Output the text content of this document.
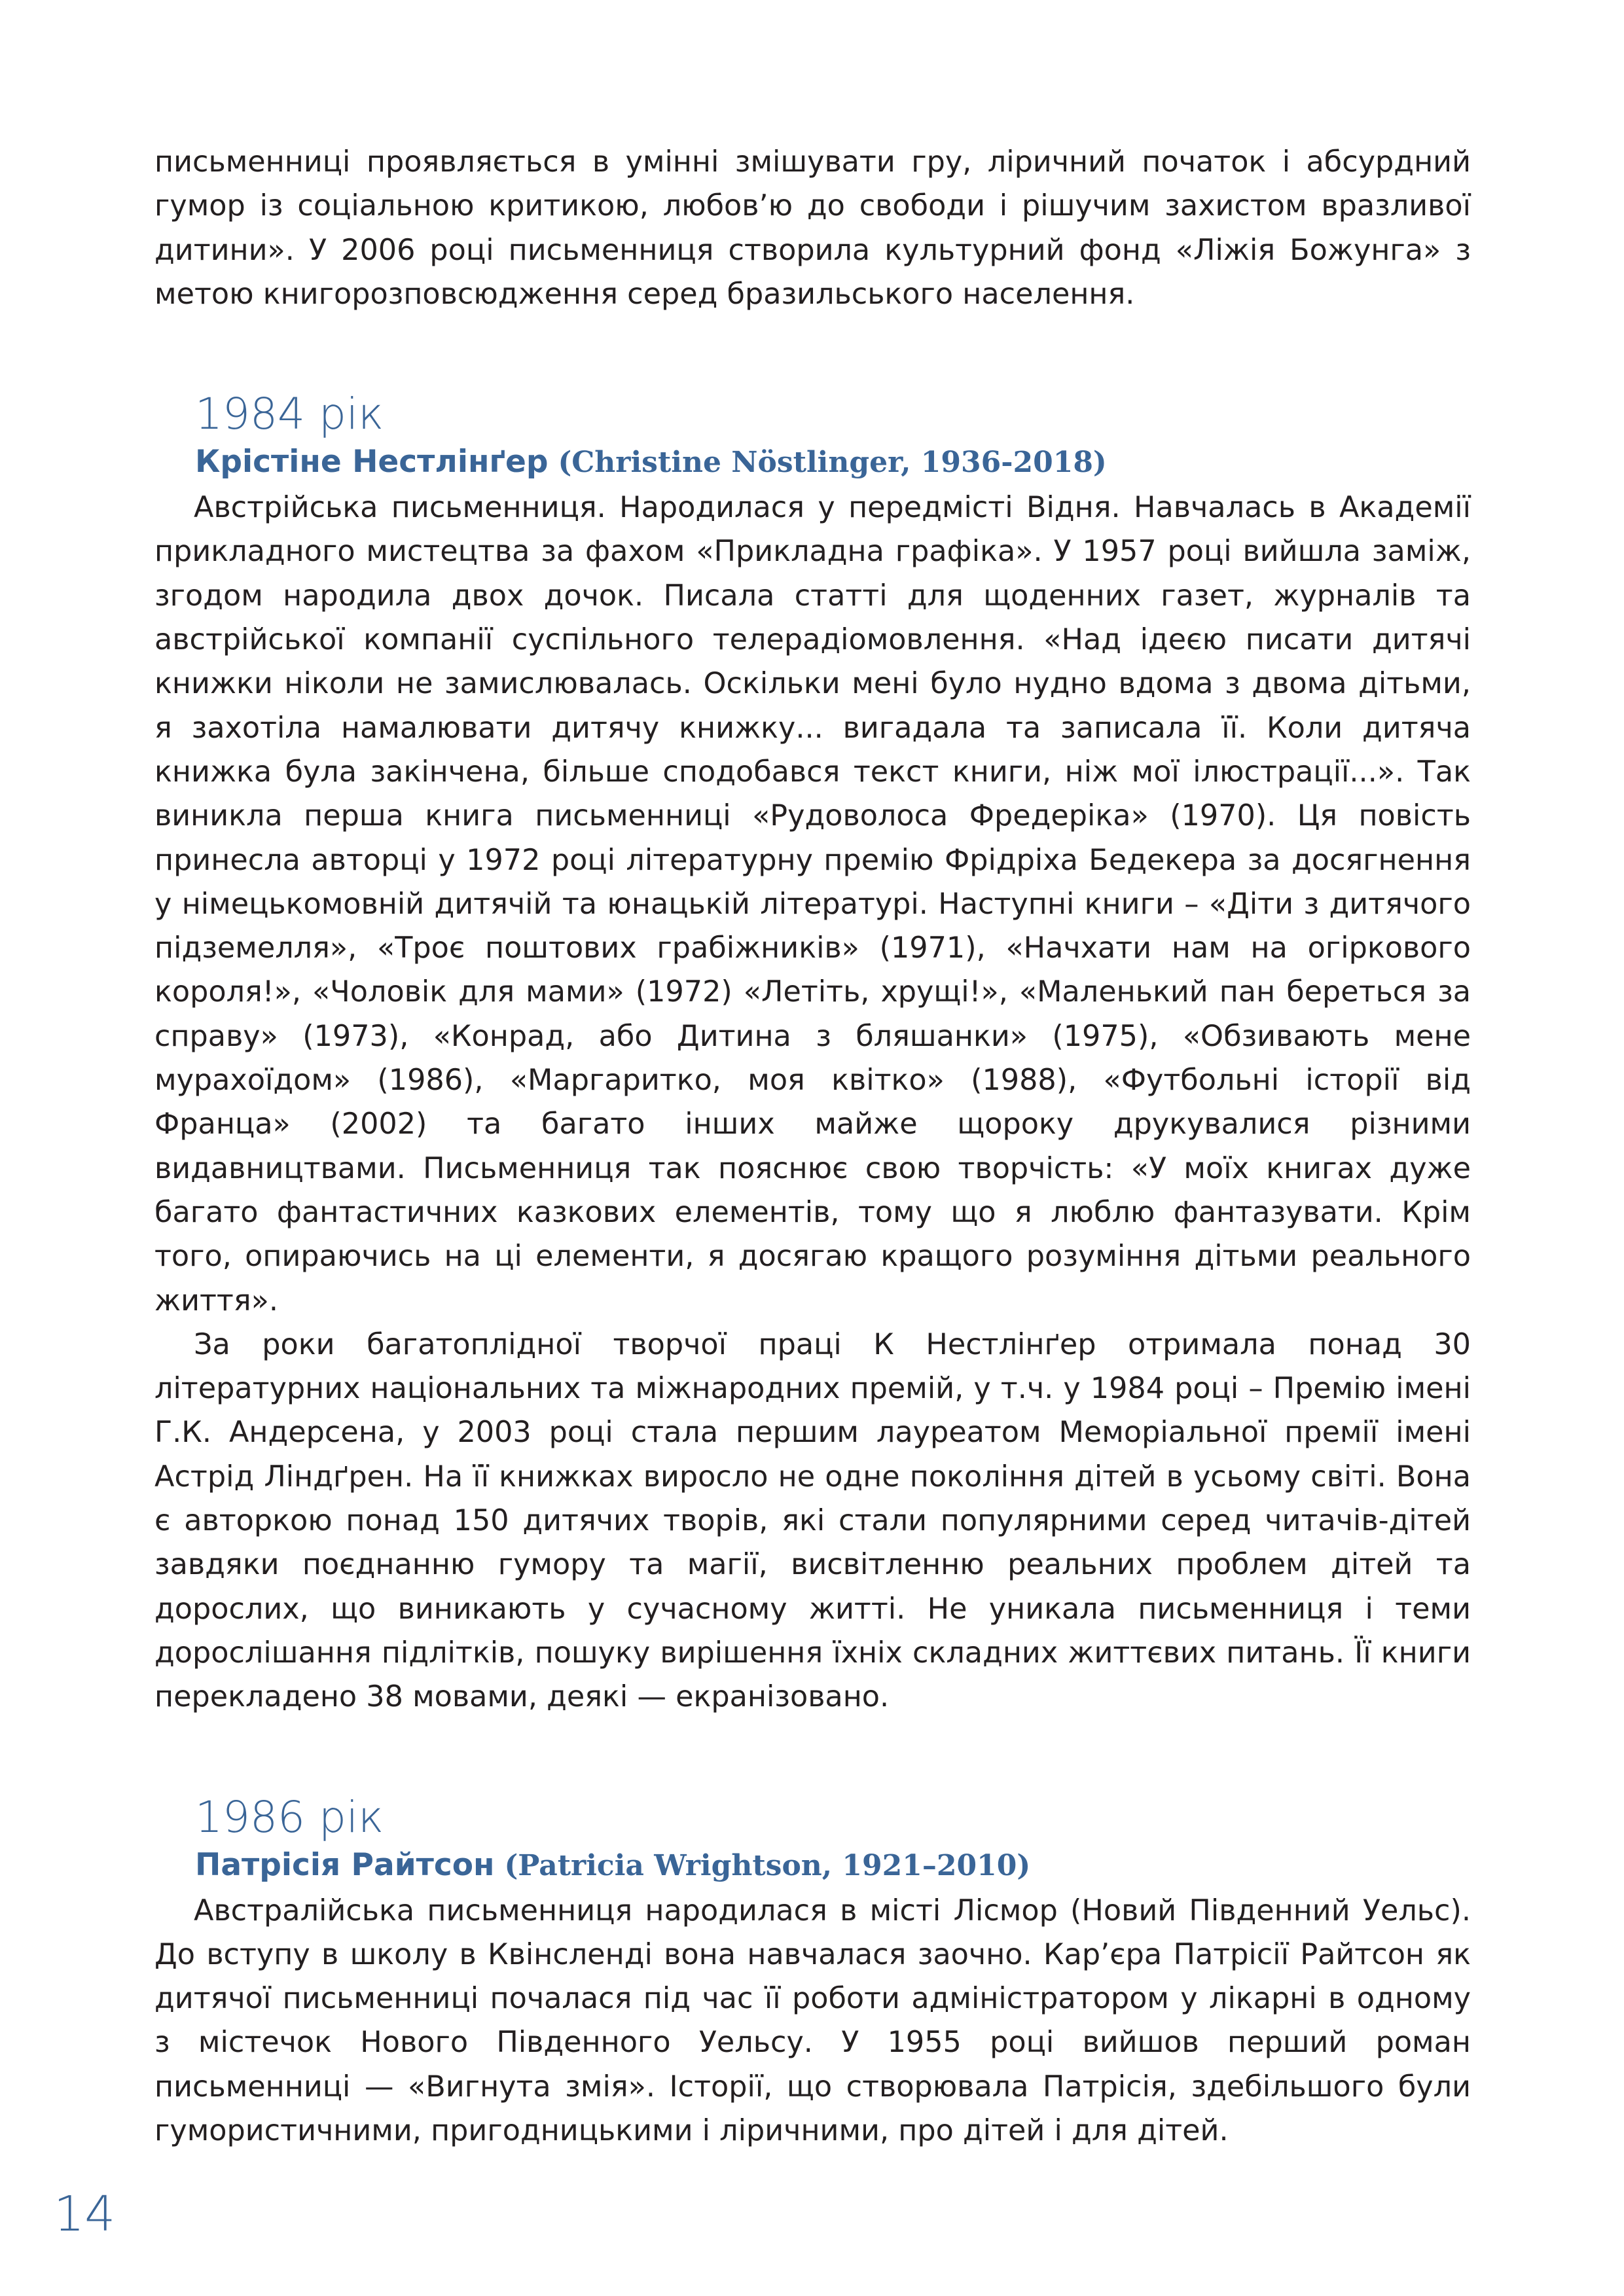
письменниці проявляється в умінні змішувати гру, ліричний початок і абсурдний гумор із соціальною критикою, любов’ю до свободи і рішучим захистом вразливої дитини». У 2006 році письменниця створила культурний фонд «Ліжія Божунга» з метою книгорозповсюдження серед бразильського населення.

1984 рік
Крістіне Нестлінґер (Christine Nöstlinger, 1936-2018)

Австрійська письменниця. Народилася у передмісті Відня. Навчалась в Академії прикладного мистецтва за фахом «Прикладна графіка». У 1957 році вийшла заміж, згодом народила двох дочок. Писала статті для щоденних газет, журналів та австрійської компанії суспільного телерадіомовлення. «Над ідеєю писати дитячі книжки ніколи не замислювалась. Оскільки мені було нудно вдома з двома дітьми, я захотіла намалювати дитячу книжку... вигадала та записала її. Коли дитяча книжка була закінчена, більше сподобався текст книги, ніж мої ілюстрації...». Так виникла перша книга письменниці «Рудоволоса Фредеріка» (1970). Ця повість принесла авторці у 1972 році літературну премію Фрідріха Бедекера за досягнення у німецькомовній дитячій та юнацькій літературі. Наступні книги – «Діти з дитячого підземелля», «Троє поштових грабіжників» (1971), «Начхати нам на огіркового короля!», «Чоловік для мами» (1972) «Летіть, хрущі!», «Маленький пан береться за справу» (1973), «Конрад, або Дитина з бляшанки» (1975), «Обзивають мене мурахоїдом» (1986), «Маргаритко, моя квітко» (1988), «Футбольні історії від Франца» (2002) та багато інших майже щороку друкувалися різними видавництвами. Письменниця так пояснює свою творчість: «У моїх книгах дуже багато фантастичних казкових елементів, тому що я люблю фантазувати. Крім того, опираючись на ці елементи, я досягаю кращого розуміння дітьми реального життя».

За роки багатоплідної творчої праці К Нестлінґер отримала понад 30 літературних національних та міжнародних премій, у т.ч. у 1984 році – Премію імені Г.К. Андерсена, у 2003 році стала першим лауреатом Меморіальної премії імені Астрід Ліндґрен. На її книжках виросло не одне покоління дітей в усьому світі. Вона є авторкою понад 150 дитячих творів, які стали популярними серед читачів-дітей завдяки поєднанню гумору та магії, висвітленню реальних проблем дітей та дорослих, що виникають у сучасному житті. Не уникала письменниця і теми дорослішання підлітків, пошуку вирішення їхніх складних життєвих питань. Її книги перекладено 38 мовами, деякі — екранізовано.

1986 рік
Патрісія Райтсон (Patricia Wrightson, 1921–2010)

Австралійська письменниця народилася в місті Лісмор (Новий Південний Уельс). До вступу в школу в Квінсленді вона навчалася заочно. Кар’єра Патрісії Райтсон як дитячої письменниці почалася під час її роботи адміністратором у лікарні в одному з містечок Нового Південного Уельсу. У 1955 році вийшов перший роман письменниці — «Вигнута змія». Історії, що створювала Патрісія, здебільшого були гумористичними, пригодницькими і ліричними, про дітей і для дітей.

14
